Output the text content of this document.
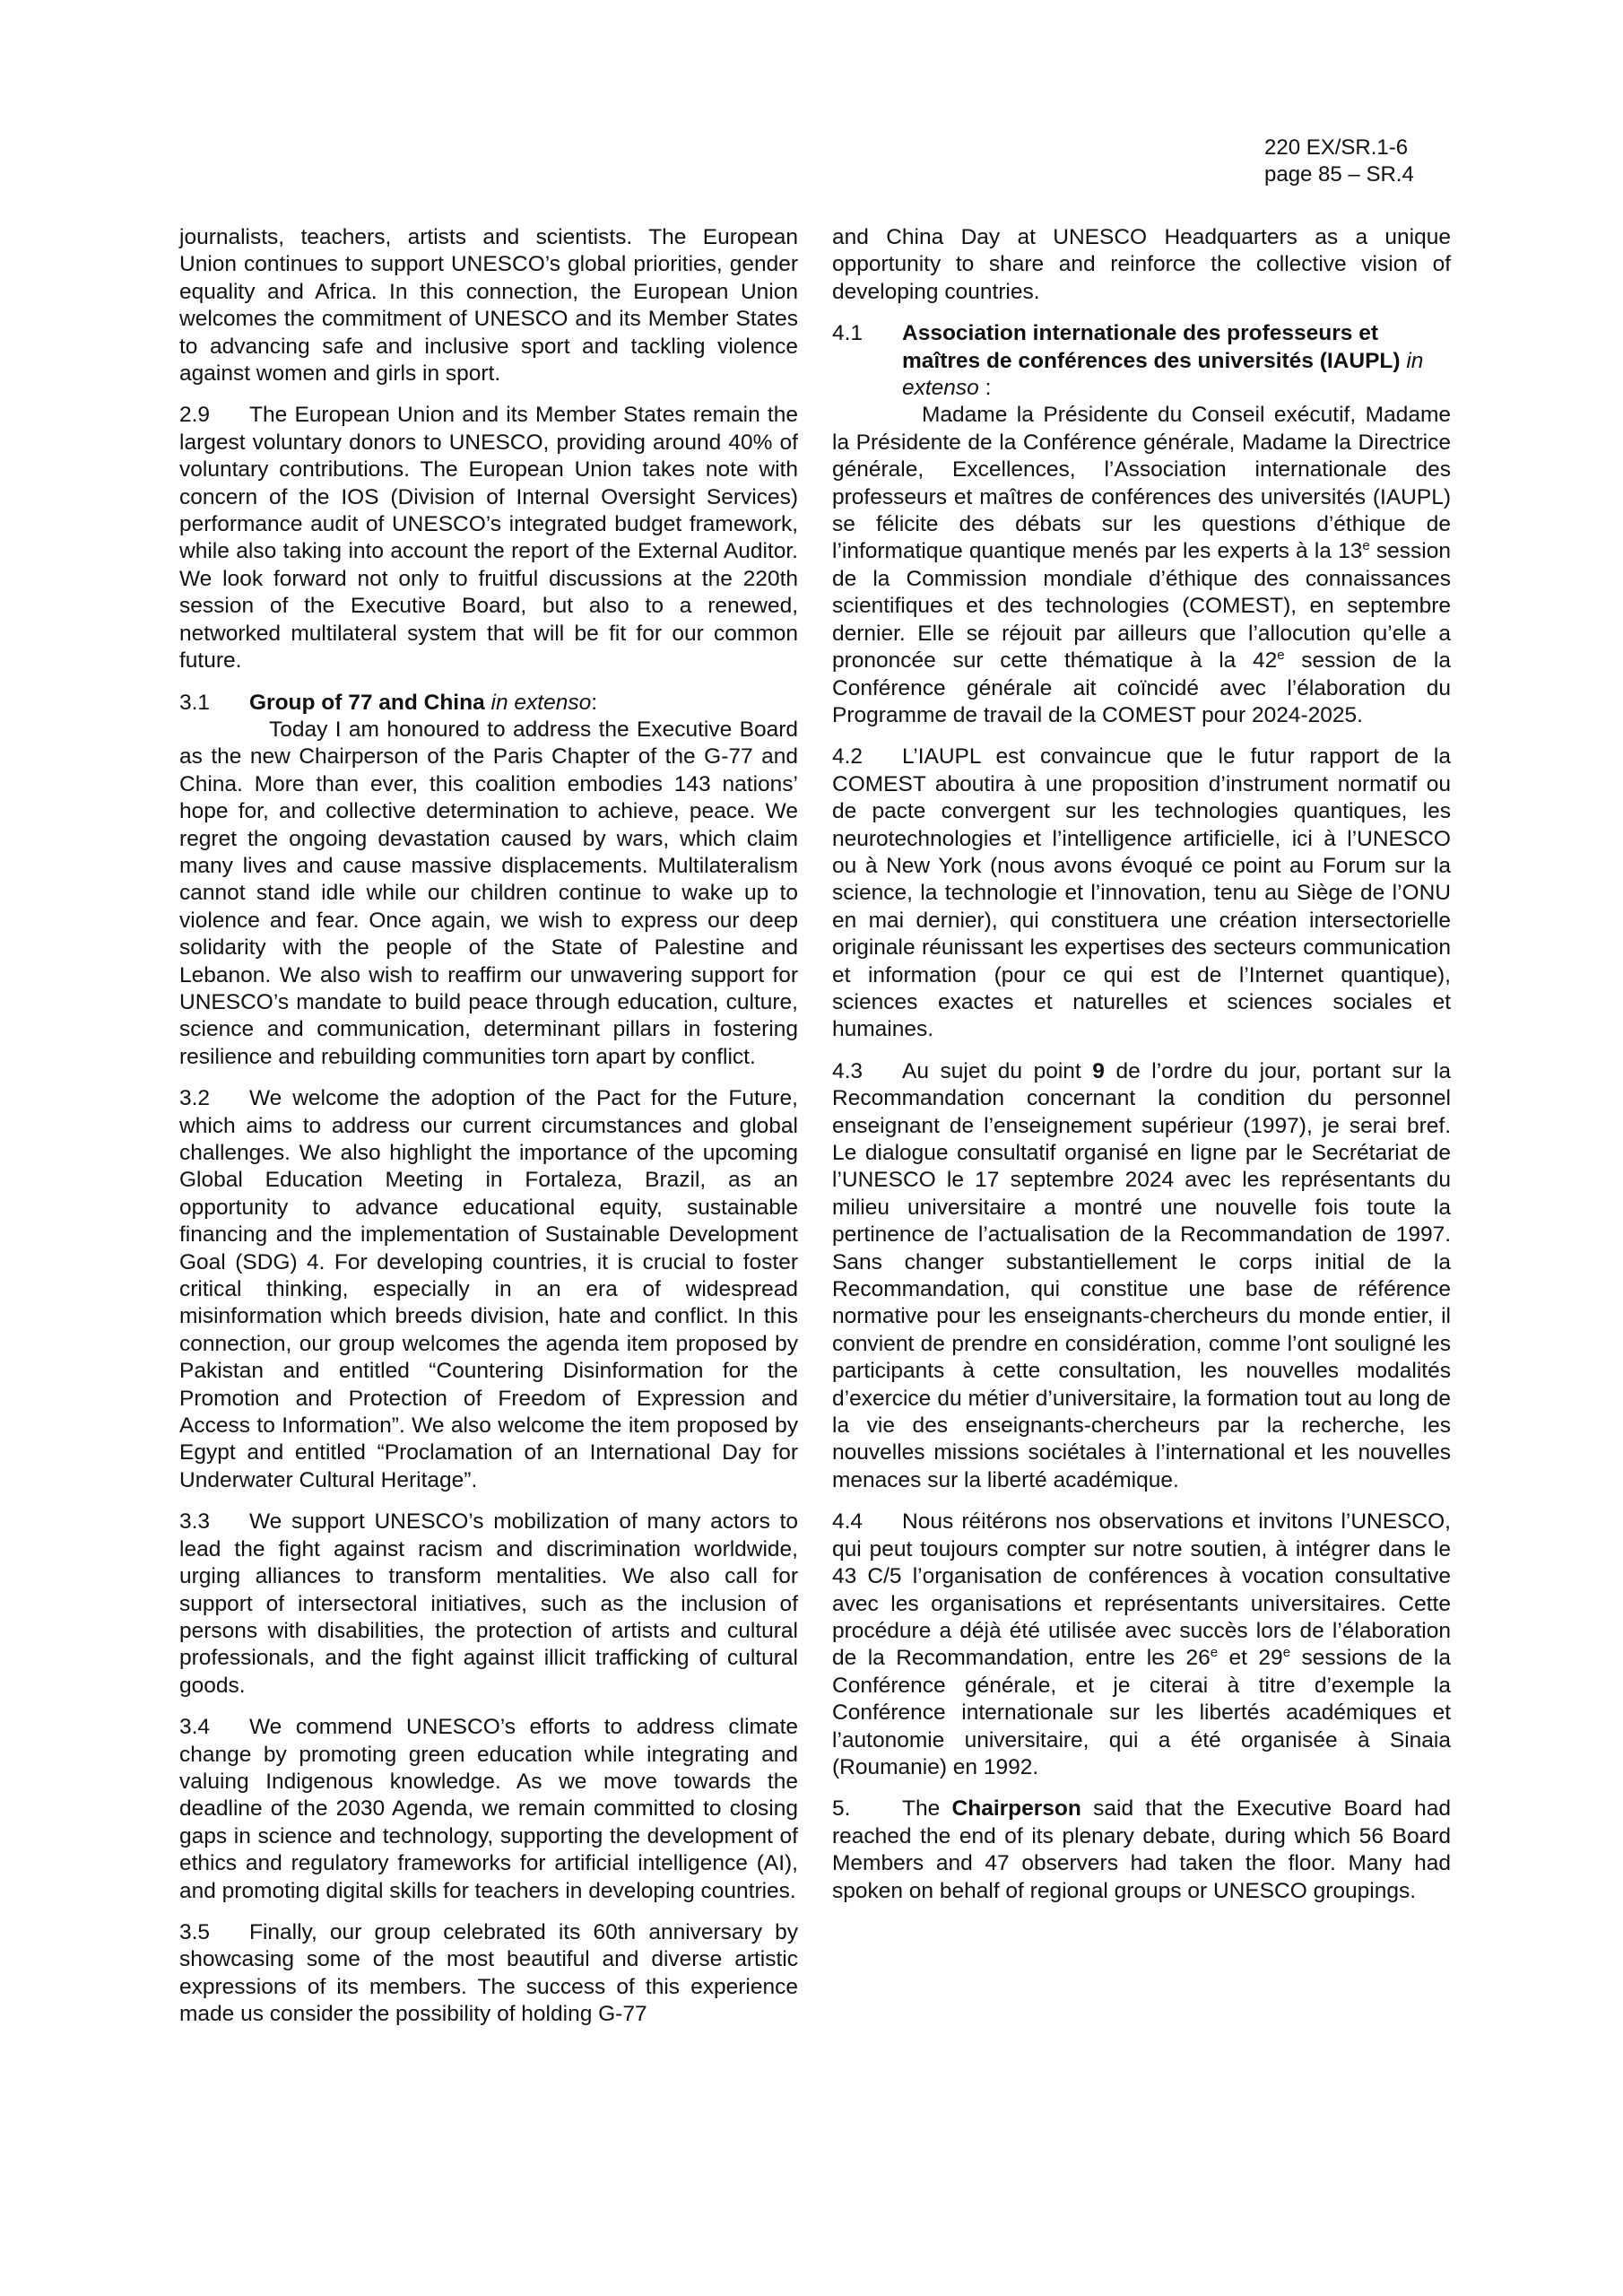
220 EX/SR.1-6
page 85 – SR.4

journalists, teachers, artists and scientists. The European Union continues to support UNESCO’s global priorities, gender equality and Africa. In this connection, the European Union welcomes the commitment of UNESCO and its Member States to advancing safe and inclusive sport and tackling violence against women and girls in sport.

2.9 The European Union and its Member States remain the largest voluntary donors to UNESCO, providing around 40% of voluntary contributions. The European Union takes note with concern of the IOS (Division of Internal Oversight Services) performance audit of UNESCO’s integrated budget framework, while also taking into account the report of the External Auditor. We look forward not only to fruitful discussions at the 220th session of the Executive Board, but also to a renewed, networked multilateral system that will be fit for our common future.

3.1	Group of 77 and China in extenso:

Today I am honoured to address the Executive Board as the new Chairperson of the Paris Chapter of the G-77 and China. More than ever, this coalition embodies 143 nations’ hope for, and collective determination to achieve, peace. We regret the ongoing devastation caused by wars, which claim many lives and cause massive displacements. Multilateralism cannot stand idle while our children continue to wake up to violence and fear. Once again, we wish to express our deep solidarity with the people of the State of Palestine and Lebanon. We also wish to reaffirm our unwavering support for UNESCO’s mandate to build peace through education, culture, science and communication, determinant pillars in fostering resilience and rebuilding communities torn apart by conflict.

3.2 We welcome the adoption of the Pact for the Future, which aims to address our current circumstances and global challenges. We also highlight the importance of the upcoming Global Education Meeting in Fortaleza, Brazil, as an opportunity to advance educational equity, sustainable financing and the implementation of Sustainable Development Goal (SDG) 4. For developing countries, it is crucial to foster critical thinking, especially in an era of widespread misinformation which breeds division, hate and conflict. In this connection, our group welcomes the agenda item proposed by Pakistan and entitled “Countering Disinformation for the Promotion and Protection of Freedom of Expression and Access to Information”. We also welcome the item proposed by Egypt and entitled “Proclamation of an International Day for Underwater Cultural Heritage”.

3.3 We support UNESCO’s mobilization of many actors to lead the fight against racism and discrimination worldwide, urging alliances to transform mentalities. We also call for support of intersectoral initiatives, such as the inclusion of persons with disabilities, the protection of artists and cultural professionals, and the fight against illicit trafficking of cultural goods.

3.4 We commend UNESCO’s efforts to address climate change by promoting green education while integrating and valuing Indigenous knowledge. As we move towards the deadline of the 2030 Agenda, we remain committed to closing gaps in science and technology, supporting the development of ethics and regulatory frameworks for artificial intelligence (AI), and promoting digital skills for teachers in developing countries.

3.5 Finally, our group celebrated its 60th anniversary by showcasing some of the most beautiful and diverse artistic expressions of its members. The success of this experience made us consider the possibility of holding G-77

and China Day at UNESCO Headquarters as a unique opportunity to share and reinforce the collective vision of developing countries.

4.1	Association internationale des professeurs et maîtres de conférences des universités (IAUPL) in extenso :

Madame la Présidente du Conseil exécutif, Madame la Présidente de la Conférence générale, Madame la Directrice générale, Excellences, l’Association internationale des professeurs et maîtres de conférences des universités (IAUPL) se félicite des débats sur les questions d’éthique de l’informatique quantique menés par les experts à la 13e session de la Commission mondiale d’éthique des connaissances scientifiques et des technologies (COMEST), en septembre dernier. Elle se réjouit par ailleurs que l’allocution qu’elle a prononcée sur cette thématique à la 42e session de la Conférence générale ait coïncidé avec l’élaboration du Programme de travail de la COMEST pour 2024-2025.

4.2 L’IAUPL est convaincue que le futur rapport de la COMEST aboutira à une proposition d’instrument normatif ou de pacte convergent sur les technologies quantiques, les neurotechnologies et l’intelligence artificielle, ici à l’UNESCO ou à New York (nous avons évoqué ce point au Forum sur la science, la technologie et l’innovation, tenu au Siège de l’ONU en mai dernier), qui constituera une création intersectorielle originale réunissant les expertises des secteurs communication et information (pour ce qui est de l’Internet quantique), sciences exactes et naturelles et sciences sociales et humaines.

4.3 Au sujet du point 9 de l’ordre du jour, portant sur la Recommandation concernant la condition du personnel enseignant de l’enseignement supérieur (1997), je serai bref. Le dialogue consultatif organisé en ligne par le Secrétariat de l’UNESCO le 17 septembre 2024 avec les représentants du milieu universitaire a montré une nouvelle fois toute la pertinence de l’actualisation de la Recommandation de 1997. Sans changer substantiellement le corps initial de la Recommandation, qui constitue une base de référence normative pour les enseignants-chercheurs du monde entier, il convient de prendre en considération, comme l’ont souligné les participants à cette consultation, les nouvelles modalités d’exercice du métier d’universitaire, la formation tout au long de la vie des enseignants-chercheurs par la recherche, les nouvelles missions sociétales à l’international et les nouvelles menaces sur la liberté académique.

4.4 Nous réitérons nos observations et invitons l’UNESCO, qui peut toujours compter sur notre soutien, à intégrer dans le 43 C/5 l’organisation de conférences à vocation consultative avec les organisations et représentants universitaires. Cette procédure a déjà été utilisée avec succès lors de l’élaboration de la Recommandation, entre les 26e et 29e sessions de la Conférence générale, et je citerai à titre d’exemple la Conférence internationale sur les libertés académiques et l’autonomie universitaire, qui a été organisée à Sinaia (Roumanie) en 1992.

5. The Chairperson said that the Executive Board had reached the end of its plenary debate, during which 56 Board Members and 47 observers had taken the floor. Many had spoken on behalf of regional groups or UNESCO groupings.
